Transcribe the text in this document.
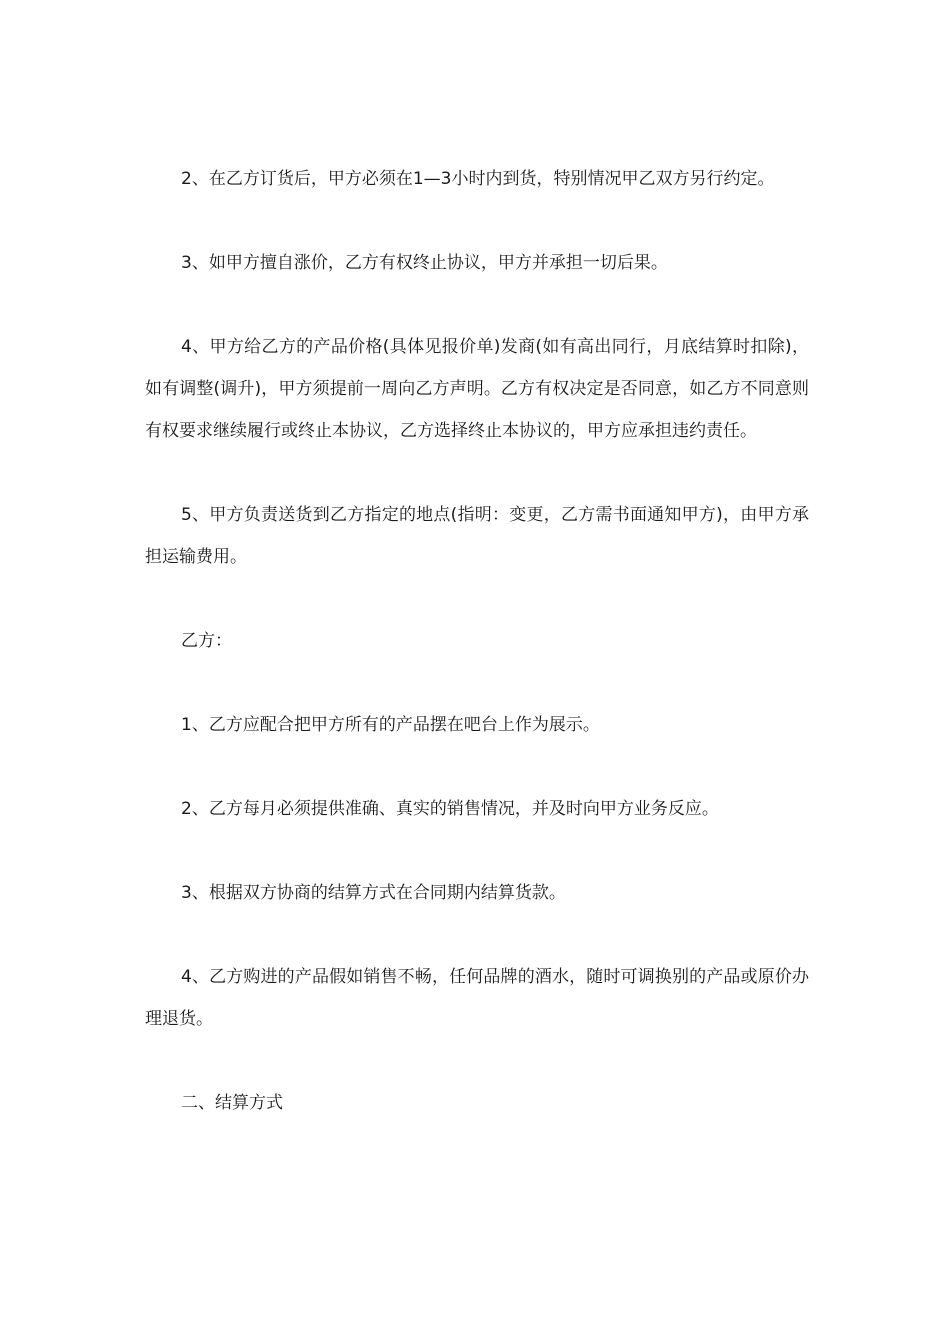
2、在乙方订货后，甲方必须在1—3小时内到货，特别情况甲乙双方另行约定。

3、如甲方擅自涨价，乙方有权终止协议，甲方并承担一切后果。

4、甲方给乙方的产品价格(具体见报价单)发商(如有高出同行，月底结算时扣除)，如有调整(调升)，甲方须提前一周向乙方声明。乙方有权决定是否同意，如乙方不同意则有权要求继续履行或终止本协议，乙方选择终止本协议的，甲方应承担违约责任。

5、甲方负责送货到乙方指定的地点(指明：变更，乙方需书面通知甲方)，由甲方承担运输费用。

乙方：

1、乙方应配合把甲方所有的产品摆在吧台上作为展示。

2、乙方每月必须提供准确、真实的销售情况，并及时向甲方业务反应。

3、根据双方协商的结算方式在合同期内结算货款。

4、乙方购进的产品假如销售不畅，任何品牌的酒水，随时可调换别的产品或原价办理退货。

二、结算方式
